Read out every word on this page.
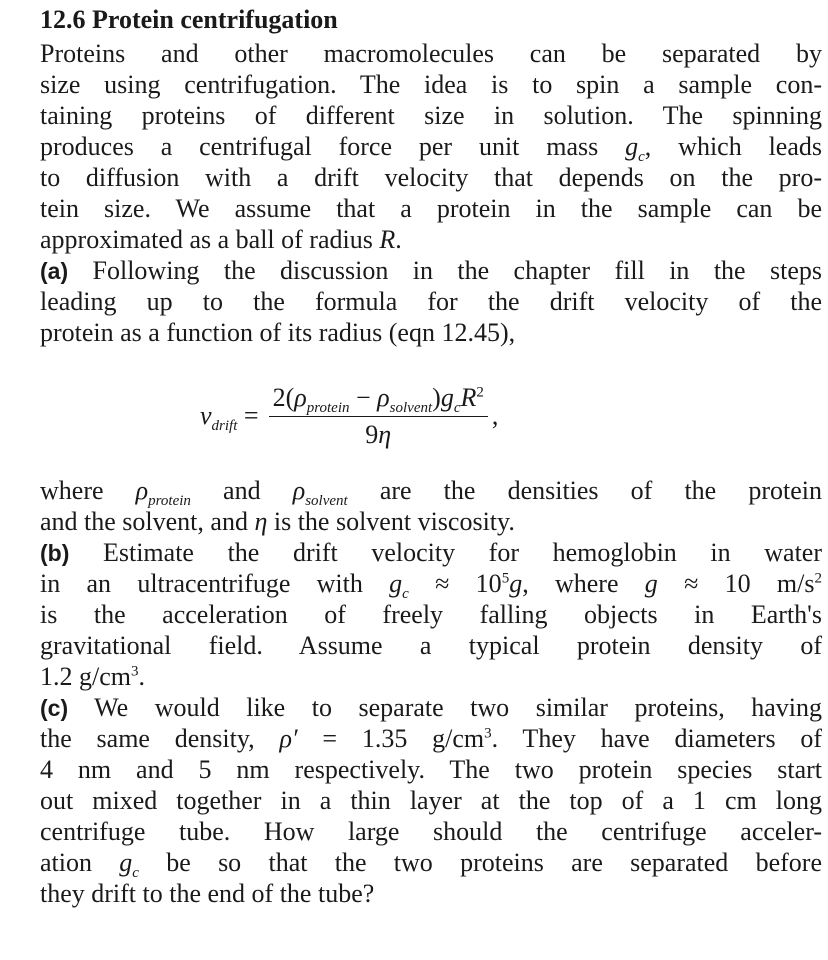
12.6 Protein centrifugation
Proteins and other macromolecules can be separated by
size using centrifugation. The idea is to spin a sample con-
taining proteins of different size in solution. The spinning
produces a centrifugal force per unit mass $g_c$, which leads
to diffusion with a drift velocity that depends on the pro-
tein size. We assume that a protein in the sample can be
approximated as a ball of radius R.
(a) Following the discussion in the chapter fill in the steps
leading up to the formula for the drift velocity of the
protein as a function of its radius (eqn 12.45),
where $\rho_{protein}$ and $\rho_{solvent}$ are the densities of the protein
and the solvent, and η is the solvent viscosity.
(b) Estimate the drift velocity for hemoglobin in water
in an ultracentrifuge with $g_c \approx 10^5g$, where g ≈ 10 $m/s^2$
is the acceleration of freely falling objects in Earth's
gravitational field. Assume a typical protein density of
1.2 $g/cm^3$.
(c) We would like to separate two similar proteins, having
the same density, ρ′ = 1.35 $g/cm^3$. They have diameters of
4 nm and 5 nm respectively. The two protein species start
out mixed together in a thin layer at the top of a 1 cm long
centrifuge tube. How large should the centrifuge acceler-
ation $g_c$ be so that the two proteins are separated before
they drift to the end of the tube?
$v_{drift} = \frac{2(\rho_{protein} - \rho_{solvent})g_cR^2}{9\eta}$ ,
